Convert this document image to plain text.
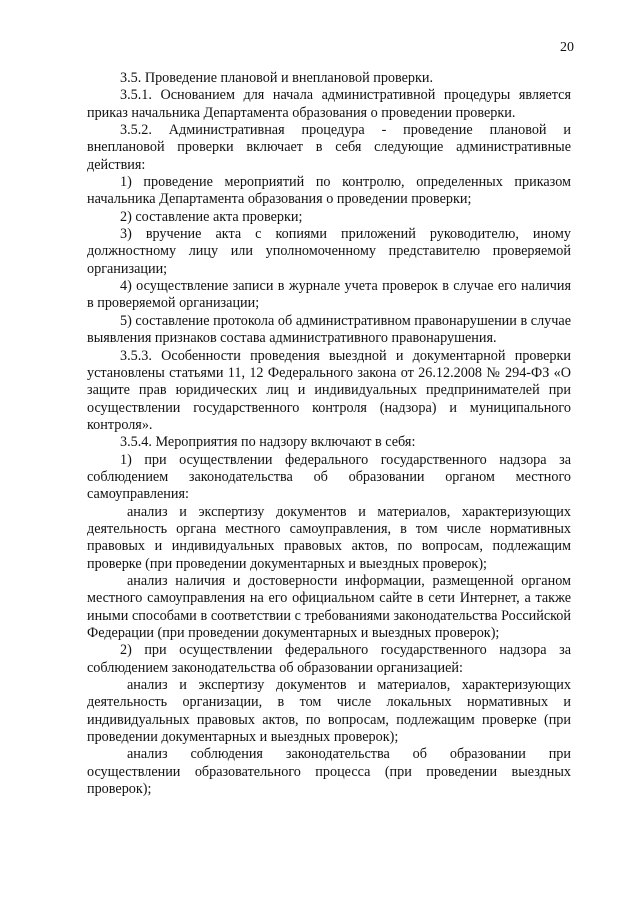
20

3.5. Проведение плановой и внеплановой проверки.

3.5.1. Основанием для начала административной процедуры является приказ начальника Департамента образования о проведении проверки.

3.5.2. Административная процедура - проведение плановой и внеплановой проверки включает в себя следующие административные действия:

1) проведение мероприятий по контролю, определенных приказом начальника Департамента образования о проведении проверки;

2) составление акта проверки;

3) вручение акта с копиями приложений руководителю, иному должностному лицу или уполномоченному представителю проверяемой организации;

4) осуществление записи в журнале учета проверок в случае его наличия в проверяемой организации;

5) составление протокола об административном правонарушении в случае выявления признаков состава административного правонарушения.

3.5.3. Особенности проведения выездной и документарной проверки установлены статьями 11, 12 Федерального закона от 26.12.2008 № 294-ФЗ «О защите прав юридических лиц и индивидуальных предпринимателей при осуществлении государственного контроля (надзора) и муниципального контроля».

3.5.4. Мероприятия по надзору включают в себя:

1) при осуществлении федерального государственного надзора за соблюдением законодательства об образовании органом местного самоуправления:

анализ и экспертизу документов и материалов, характеризующих деятельность органа местного самоуправления, в том числе нормативных правовых и индивидуальных правовых актов, по вопросам, подлежащим проверке (при проведении документарных и выездных проверок);

анализ наличия и достоверности информации, размещенной органом местного самоуправления на его официальном сайте в сети Интернет, а также иными способами в соответствии с требованиями законодательства Российской Федерации (при проведении документарных и выездных проверок);

2) при осуществлении федерального государственного надзора за соблюдением законодательства об образовании организацией:

анализ и экспертизу документов и материалов, характеризующих деятельность организации, в том числе локальных нормативных и индивидуальных правовых актов, по вопросам, подлежащим проверке (при проведении документарных и выездных проверок);

анализ соблюдения законодательства об образовании при осуществлении образовательного процесса (при проведении выездных проверок);
